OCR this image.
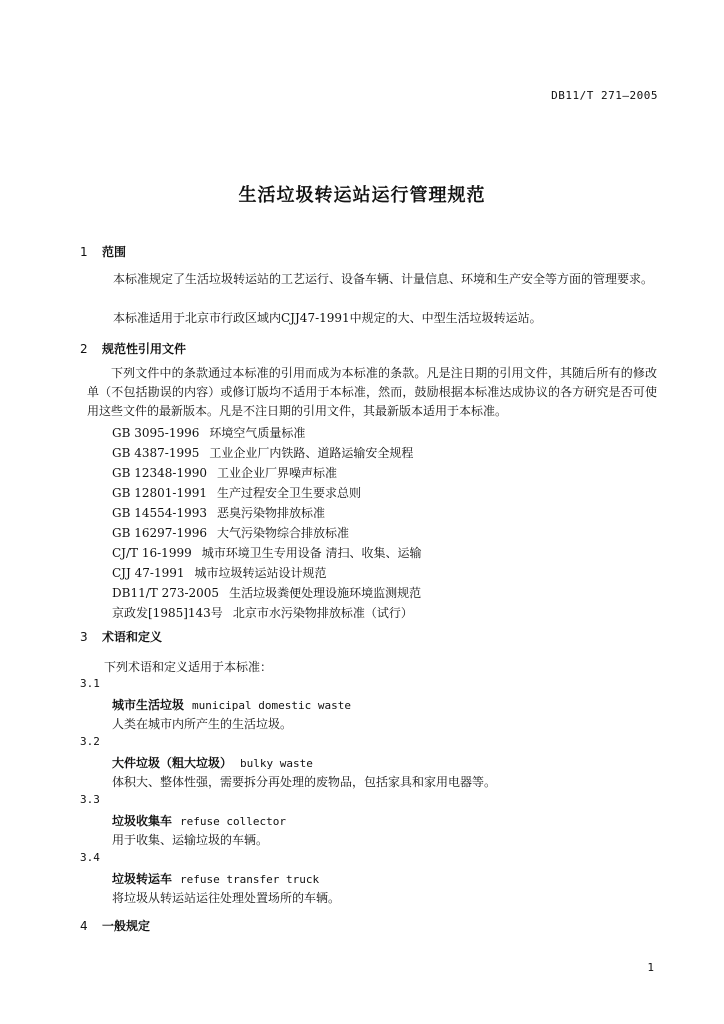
DB11/T 271—2005
生活垃圾转运站运行管理规范
1 范围
本标准规定了生活垃圾转运站的工艺运行、设备车辆、计量信息、环境和生产安全等方面的管理要求。
本标准适用于北京市行政区域内CJJ47-1991中规定的大、中型生活垃圾转运站。
2 规范性引用文件
下列文件中的条款通过本标准的引用而成为本标准的条款。凡是注日期的引用文件，其随后所有的修改单（不包括勘误的内容）或修订版均不适用于本标准，然而，鼓励根据本标准达成协议的各方研究是否可使用这些文件的最新版本。凡是不注日期的引用文件，其最新版本适用于本标准。
GB 3095-1996 环境空气质量标准
GB 4387-1995 工业企业厂内铁路、道路运输安全规程
GB 12348-1990 工业企业厂界噪声标准
GB 12801-1991 生产过程安全卫生要求总则
GB 14554-1993 恶臭污染物排放标准
GB 16297-1996 大气污染物综合排放标准
CJ/T 16-1999 城市环境卫生专用设备 清扫、收集、运输
CJJ 47-1991 城市垃圾转运站设计规范
DB11/T 273-2005 生活垃圾粪便处理设施环境监测规范
京政发[1985]143号 北京市水污染物排放标准（试行）
3 术语和定义
下列术语和定义适用于本标准：
3.1
城市生活垃圾 municipal domestic waste
人类在城市内所产生的生活垃圾。
3.2
大件垃圾（粗大垃圾） bulky waste
体积大、整体性强，需要拆分再处理的废物品，包括家具和家用电器等。
3.3
垃圾收集车 refuse collector
用于收集、运输垃圾的车辆。
3.4
垃圾转运车 refuse transfer truck
将垃圾从转运站运往处理处置场所的车辆。
4 一般规定
1
